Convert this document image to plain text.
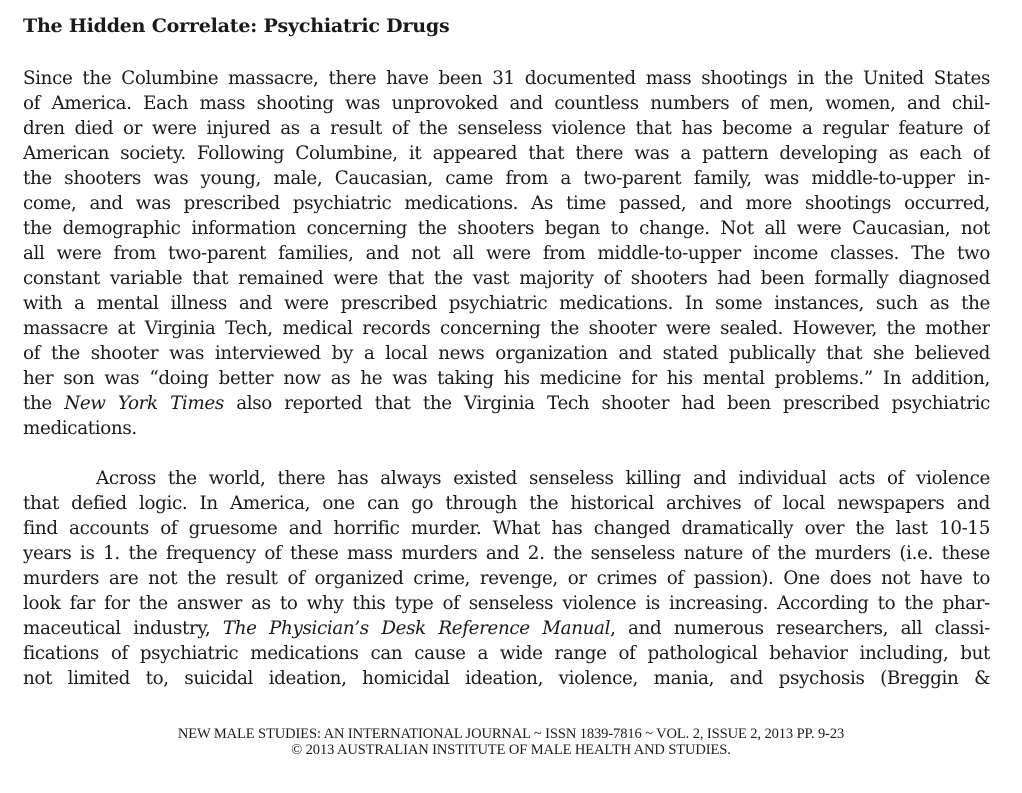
The Hidden Correlate: Psychiatric Drugs
Since the Columbine massacre, there have been 31 documented mass shootings in the United States
of America. Each mass shooting was unprovoked and countless numbers of men, women, and chil-
dren died or were injured as a result of the senseless violence that has become a regular feature of
American society. Following Columbine, it appeared that there was a pattern developing as each of
the shooters was young, male, Caucasian, came from a two-parent family, was middle-to-upper in-
come, and was prescribed psychiatric medications. As time passed, and more shootings occurred,
the demographic information concerning the shooters began to change. Not all were Caucasian, not
all were from two-parent families, and not all were from middle-to-upper income classes. The two
constant variable that remained were that the vast majority of shooters had been formally diagnosed
with a mental illness and were prescribed psychiatric medications. In some instances, such as the
massacre at Virginia Tech, medical records concerning the shooter were sealed. However, the mother
of the shooter was interviewed by a local news organization and stated publically that she believed
her son was “doing better now as he was taking his medicine for his mental problems.” In addition,
the New York Times also reported that the Virginia Tech shooter had been prescribed psychiatric
medications.
Across the world, there has always existed senseless killing and individual acts of violence
that defied logic. In America, one can go through the historical archives of local newspapers and
find accounts of gruesome and horrific murder. What has changed dramatically over the last 10-15
years is 1. the frequency of these mass murders and 2. the senseless nature of the murders (i.e. these
murders are not the result of organized crime, revenge, or crimes of passion). One does not have to
look far for the answer as to why this type of senseless violence is increasing. According to the phar-
maceutical industry, The Physician’s Desk Reference Manual, and numerous researchers, all classi-
fications of psychiatric medications can cause a wide range of pathological behavior including, but
not limited to, suicidal ideation, homicidal ideation, violence, mania, and psychosis (Breggin &
NEW MALE STUDIES: AN INTERNATIONAL JOURNAL ~ ISSN 1839-7816 ~ VOL. 2, ISSUE 2, 2013 PP. 9-23
© 2013 AUSTRALIAN INSTITUTE OF MALE HEALTH AND STUDIES.
